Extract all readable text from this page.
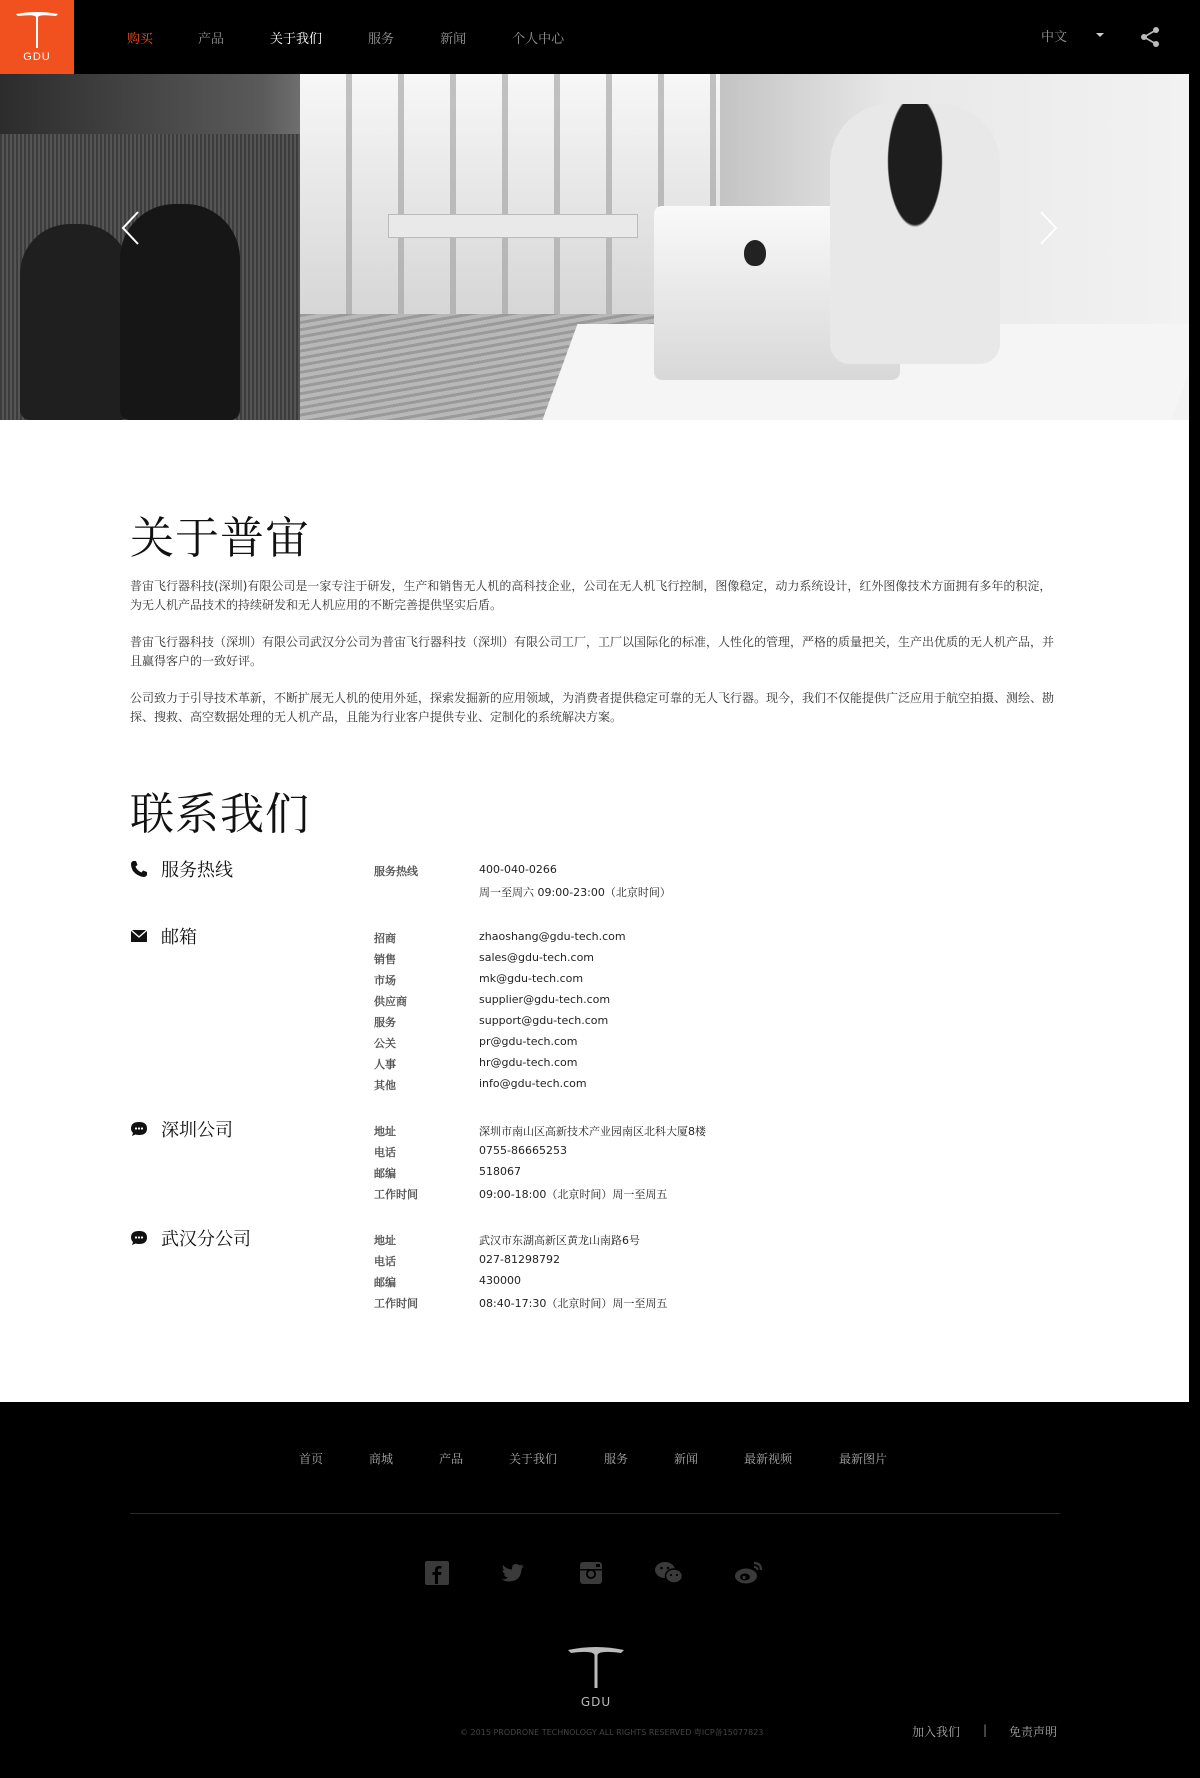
GDU
购买	产品	关于我们	服务	新闻	个人中心	中文
关于普宙

普宙飞行器科技(深圳)有限公司是一家专注于研发，生产和销售无人机的高科技企业，公司在无人机飞行控制，图像稳定，动力系统设计，红外图像技术方面拥有多年的积淀，为无人机产品技术的持续研发和无人机应用的不断完善提供坚实后盾。

普宙飞行器科技（深圳）有限公司武汉分公司为普宙飞行器科技（深圳）有限公司工厂，工厂以国际化的标准，人性化的管理，严格的质量把关，生产出优质的无人机产品，并且赢得客户的一致好评。

公司致力于引导技术革新，不断扩展无人机的使用外延，探索发掘新的应用领域，为消费者提供稳定可靠的无人飞行器。现今，我们不仅能提供广泛应用于航空拍摄、测绘、勘探、搜救、高空数据处理的无人机产品，且能为行业客户提供专业、定制化的系统解决方案。

联系我们
服务热线	服务热线	400-040-0266
周一至周六 09:00-23:00（北京时间）
邮箱	招商	zhaoshang@gdu-tech.com
销售	sales@gdu-tech.com
市场	mk@gdu-tech.com
供应商	supplier@gdu-tech.com
服务	support@gdu-tech.com
公关	pr@gdu-tech.com
人事	hr@gdu-tech.com
其他	info@gdu-tech.com
深圳公司	地址	深圳市南山区高新技术产业园南区北科大厦8楼
电话	0755-86665253
邮编	518067
工作时间	09:00-18:00（北京时间）周一至周五
武汉分公司	地址	武汉市东湖高新区黄龙山南路6号
电话	027-81298792
邮编	430000
工作时间	08:40-17:30（北京时间）周一至周五
首页	商城	产品	关于我们	服务	新闻	最新视频	最新图片
GDU
© 2015 PRODRONE TECHNOLOGY ALL RIGHTS RESERVED 粤ICP备15077823	加入我们 | 免责声明
